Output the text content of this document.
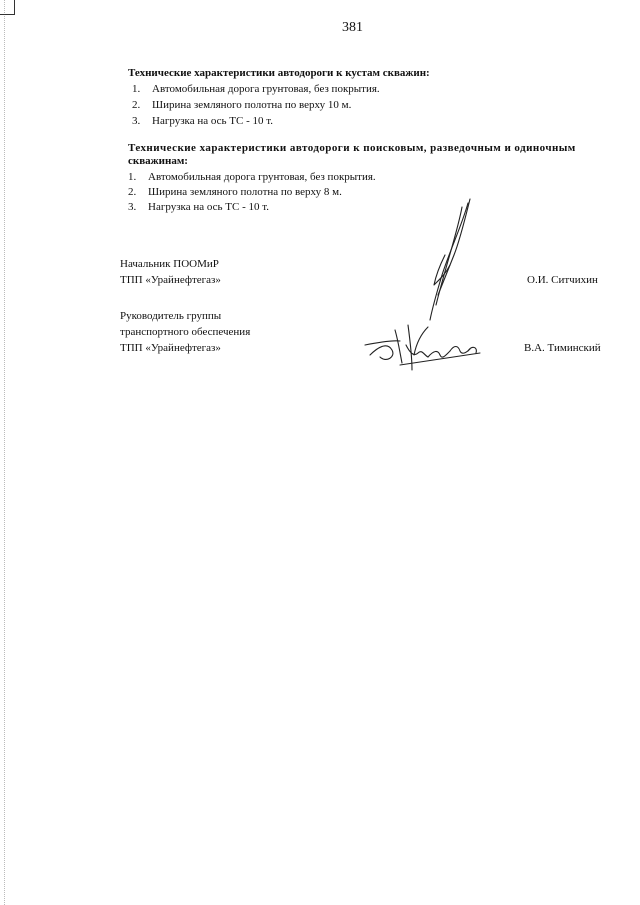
381
Технические характеристики автодороги к кустам скважин:
1. Автомобильная дорога грунтовая, без покрытия.
2. Ширина земляного полотна по верху 10 м.
3. Нагрузка на ось ТС - 10 т.
Технические характеристики автодороги к поисковым, разведочным и одиночным
скважинам:
1. Автомобильная дорога грунтовая, без покрытия.
2. Ширина земляного полотна по верху 8 м.
3. Нагрузка на ось ТС - 10 т.
Начальник ПООМиР
ТПП «Урайнефтегаз»	О.И. Ситчихин
Руководитель группы
транспортного обеспечения
ТПП «Урайнефтегаз»	В.А. Тиминский
